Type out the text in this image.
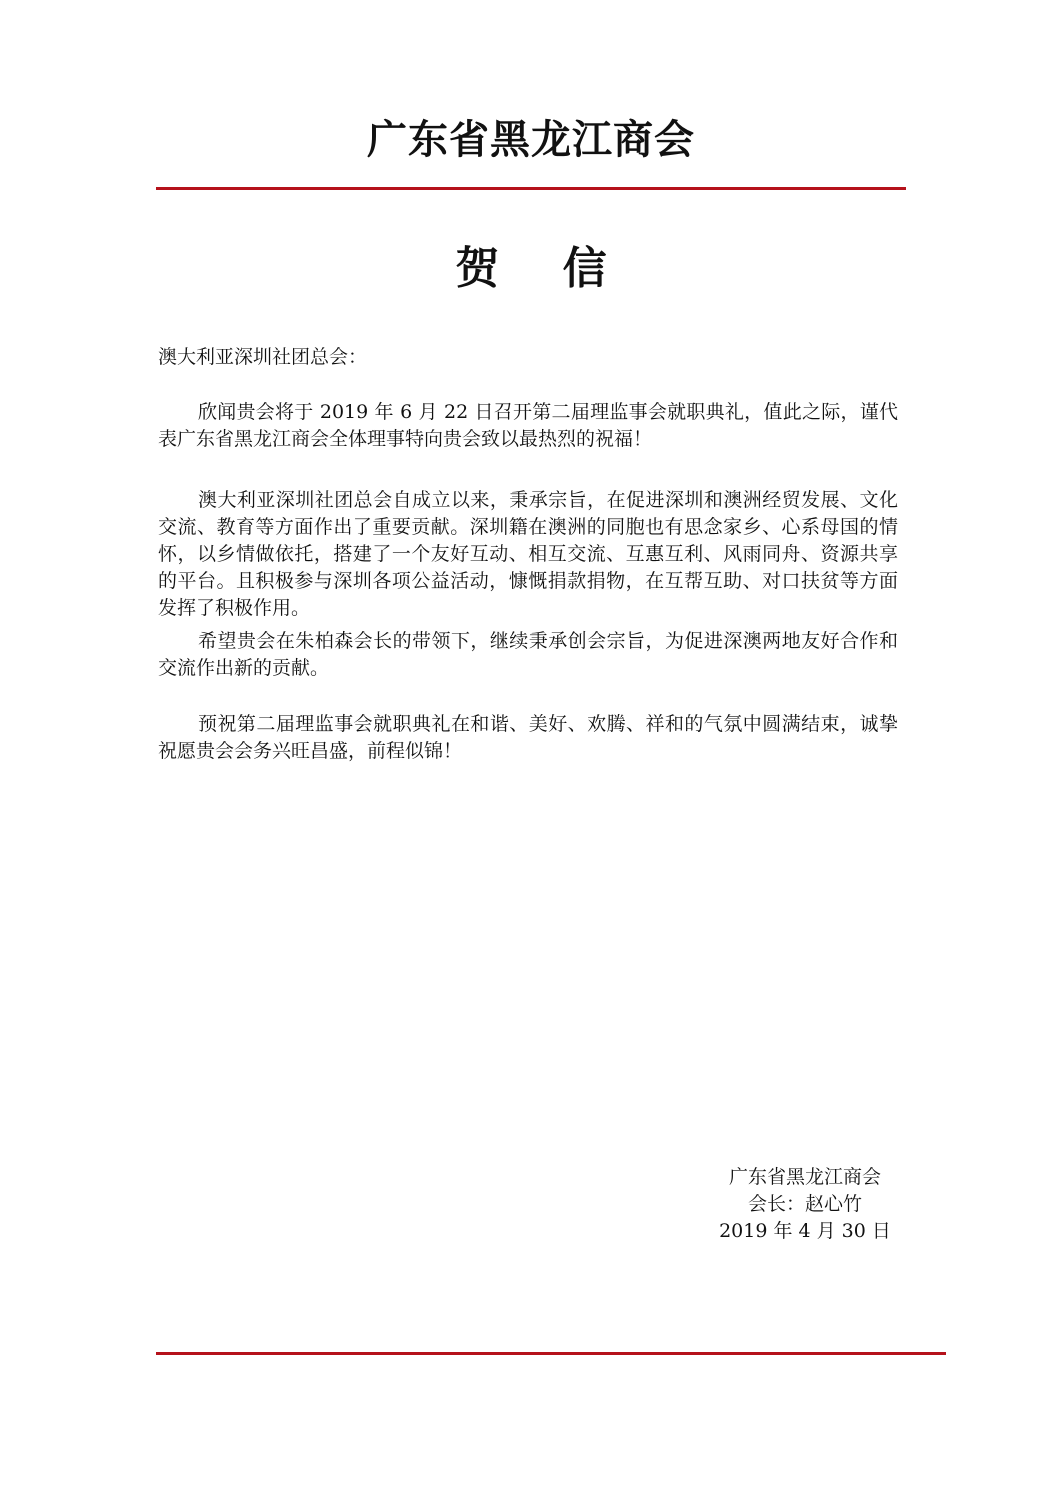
广东省黑龙江商会
贺 信
澳大利亚深圳社团总会：
欣闻贵会将于 2019 年 6 月 22 日召开第二届理监事会就职典礼，值此之际，谨代表广东省黑龙江商会全体理事特向贵会致以最热烈的祝福！
澳大利亚深圳社团总会自成立以来，秉承宗旨，在促进深圳和澳洲经贸发展、文化交流、教育等方面作出了重要贡献。深圳籍在澳洲的同胞也有思念家乡、心系母国的情怀，以乡情做依托，搭建了一个友好互动、相互交流、互惠互利、风雨同舟、资源共享的平台。且积极参与深圳各项公益活动，慷慨捐款捐物，在互帮互助、对口扶贫等方面发挥了积极作用。
希望贵会在朱柏森会长的带领下，继续秉承创会宗旨，为促进深澳两地友好合作和交流作出新的贡献。
预祝第二届理监事会就职典礼在和谐、美好、欢腾、祥和的气氛中圆满结束，诚挚祝愿贵会会务兴旺昌盛，前程似锦！
广东省黑龙江商会
会长：赵心竹
2019 年 4 月 30 日
